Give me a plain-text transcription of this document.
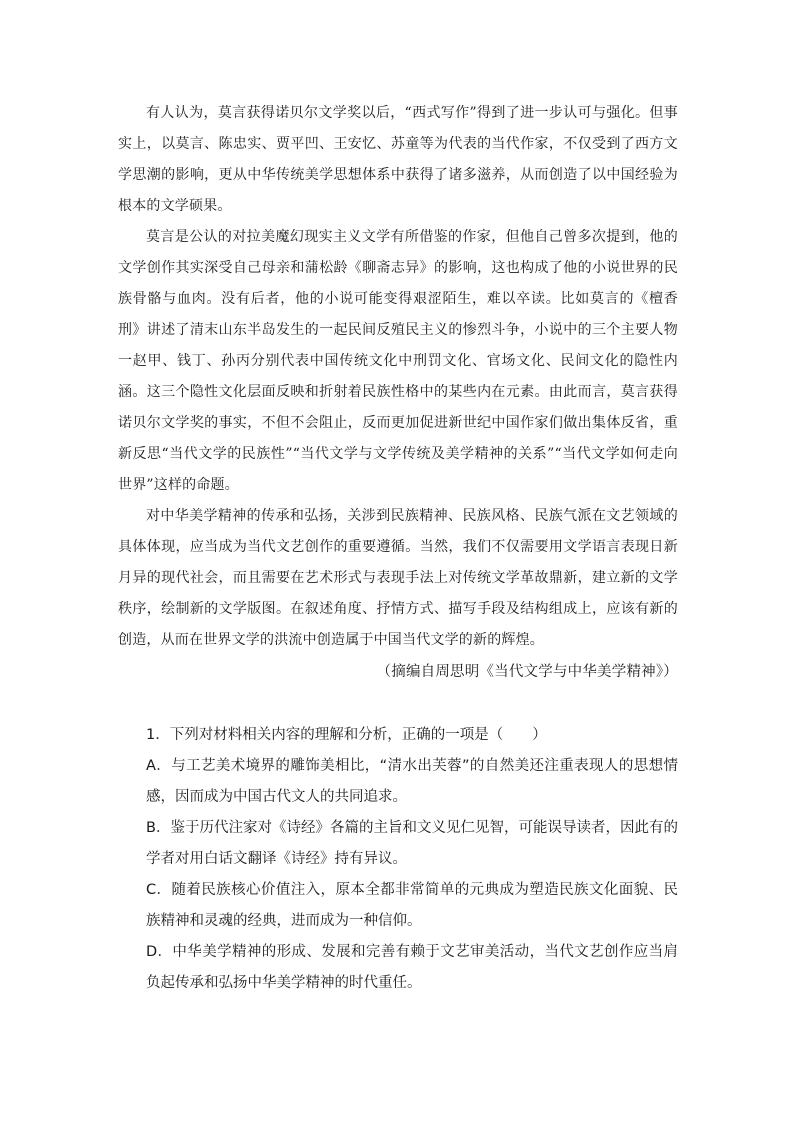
有人认为，莫言获得诺贝尔文学奖以后，“西式写作”得到了进一步认可与强化。但事实上，以莫言、陈忠实、贾平凹、王安忆、苏童等为代表的当代作家，不仅受到了西方文学思潮的影响，更从中华传统美学思想体系中获得了诸多滋养，从而创造了以中国经验为根本的文学硕果。

莫言是公认的对拉美魔幻现实主义文学有所借鉴的作家，但他自己曾多次提到，他的文学创作其实深受自己母亲和蒲松龄《聊斋志异》的影响，这也构成了他的小说世界的民族骨骼与血肉。没有后者，他的小说可能变得艰涩陌生，难以卒读。比如莫言的《檀香刑》讲述了清末山东半岛发生的一起民间反殖民主义的惨烈斗争，小说中的三个主要人物一赵甲、钱丁、孙丙分别代表中国传统文化中刑罚文化、官场文化、民间文化的隐性内涵。这三个隐性文化层面反映和折射着民族性格中的某些内在元素。由此而言，莫言获得诺贝尔文学奖的事实，不但不会阻止，反而更加促进新世纪中国作家们做出集体反省，重新反思“当代文学的民族性”“当代文学与文学传统及美学精神的关系”“当代文学如何走向世界”这样的命题。

对中华美学精神的传承和弘扬，关涉到民族精神、民族风格、民族气派在文艺领域的具体体现，应当成为当代文艺创作的重要遵循。当然，我们不仅需要用文学语言表现日新月异的现代社会，而且需要在艺术形式与表现手法上对传统文学革故鼎新，建立新的文学秩序，绘制新的文学版图。在叙述角度、抒情方式、描写手段及结构组成上，应该有新的创造，从而在世界文学的洪流中创造属于中国当代文学的新的辉煌。

（摘编自周思明《当代文学与中华美学精神》）

1．下列对材料相关内容的理解和分析，正确的一项是（　　）

A．与工艺美术境界的雕饰美相比，“清水出芙蓉”的自然美还注重表现人的思想情感，因而成为中国古代文人的共同追求。

B．鉴于历代注家对《诗经》各篇的主旨和文义见仁见智，可能误导读者，因此有的学者对用白话文翻译《诗经》持有异议。

C．随着民族核心价值注入，原本全都非常简单的元典成为塑造民族文化面貌、民族精神和灵魂的经典，进而成为一种信仰。

D．中华美学精神的形成、发展和完善有赖于文艺审美活动，当代文艺创作应当肩负起传承和弘扬中华美学精神的时代重任。
